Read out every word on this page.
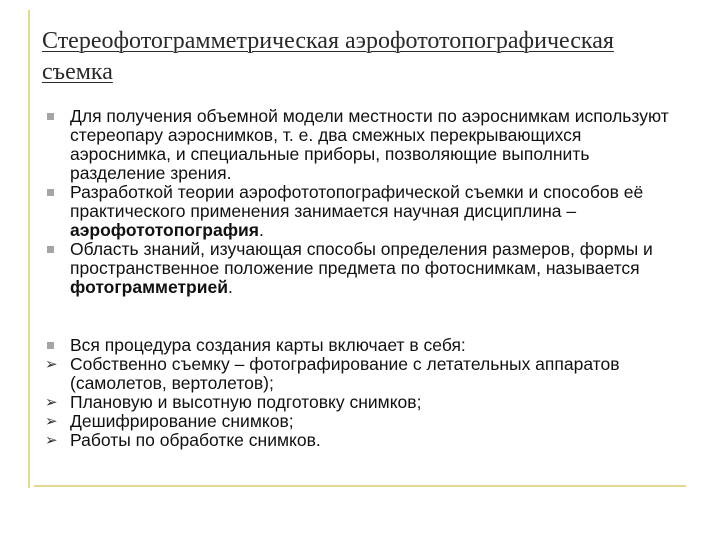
Стереофотограмметрическая аэрофототопографическая съемка
Для получения объемной модели местности по аэроснимкам используют стереопару аэроснимков, т. е. два смежных перекрывающихся аэроснимка, и специальные приборы, позволяющие выполнить разделение зрения.
Разработкой теории аэрофототопографической съемки и способов её практического применения занимается научная дисциплина – аэрофототопография.
Область знаний, изучающая способы определения размеров, формы и пространственное положение предмета по фотоснимкам, называется фотограмметрией.
Вся процедура создания карты включает в себя:
➢ Собственно съемку – фотографирование с летательных аппаратов (самолетов, вертолетов);
➢ Плановую и высотную подготовку снимков;
➢ Дешифрирование снимков;
➢ Работы по обработке снимков.
